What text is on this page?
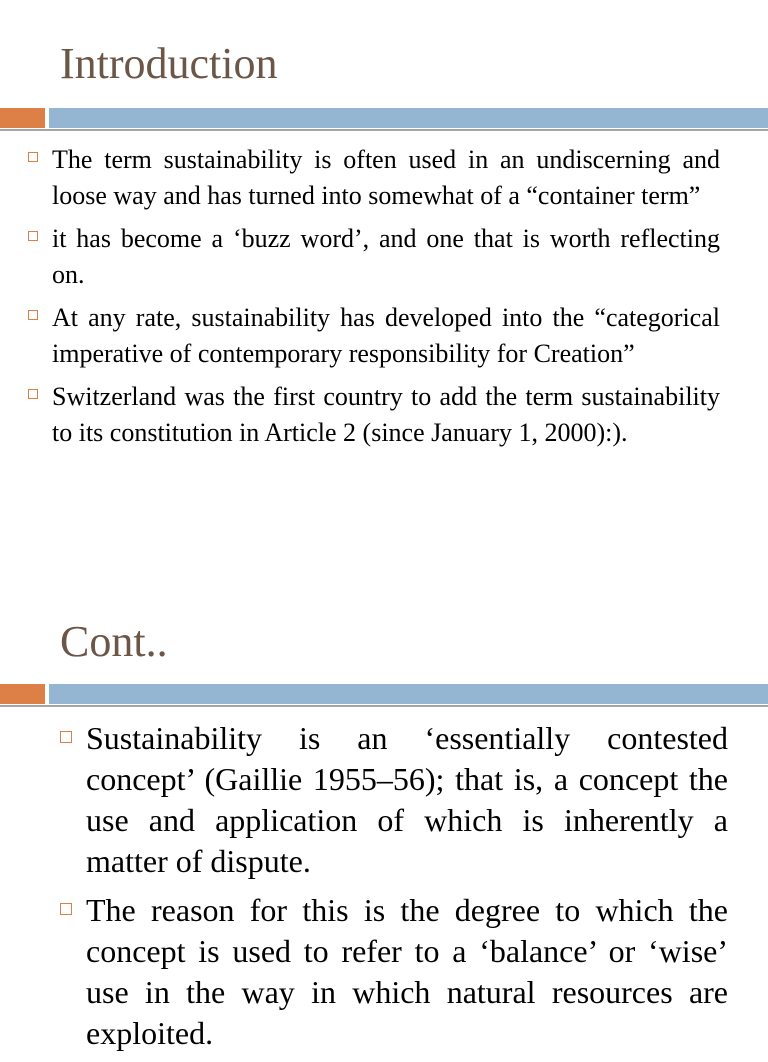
Introduction
The term sustainability is often used in an undiscerning and loose way and has turned into somewhat of a “container term”
it has become a ‘buzz word’, and one that is worth reflecting on.
At any rate, sustainability has developed into the “categorical imperative of contemporary responsibility for Creation”
Switzerland was the first country to add the term sustainability to its constitution in Article 2 (since January 1, 2000):).
Cont..
Sustainability is an ‘essentially contested concept’ (Gaillie 1955–56); that is, a concept the use and application of which is inherently a matter of dispute.
The reason for this is the degree to which the concept is used to refer to a ‘balance’ or ‘wise’ use in the way in which natural resources are exploited.
